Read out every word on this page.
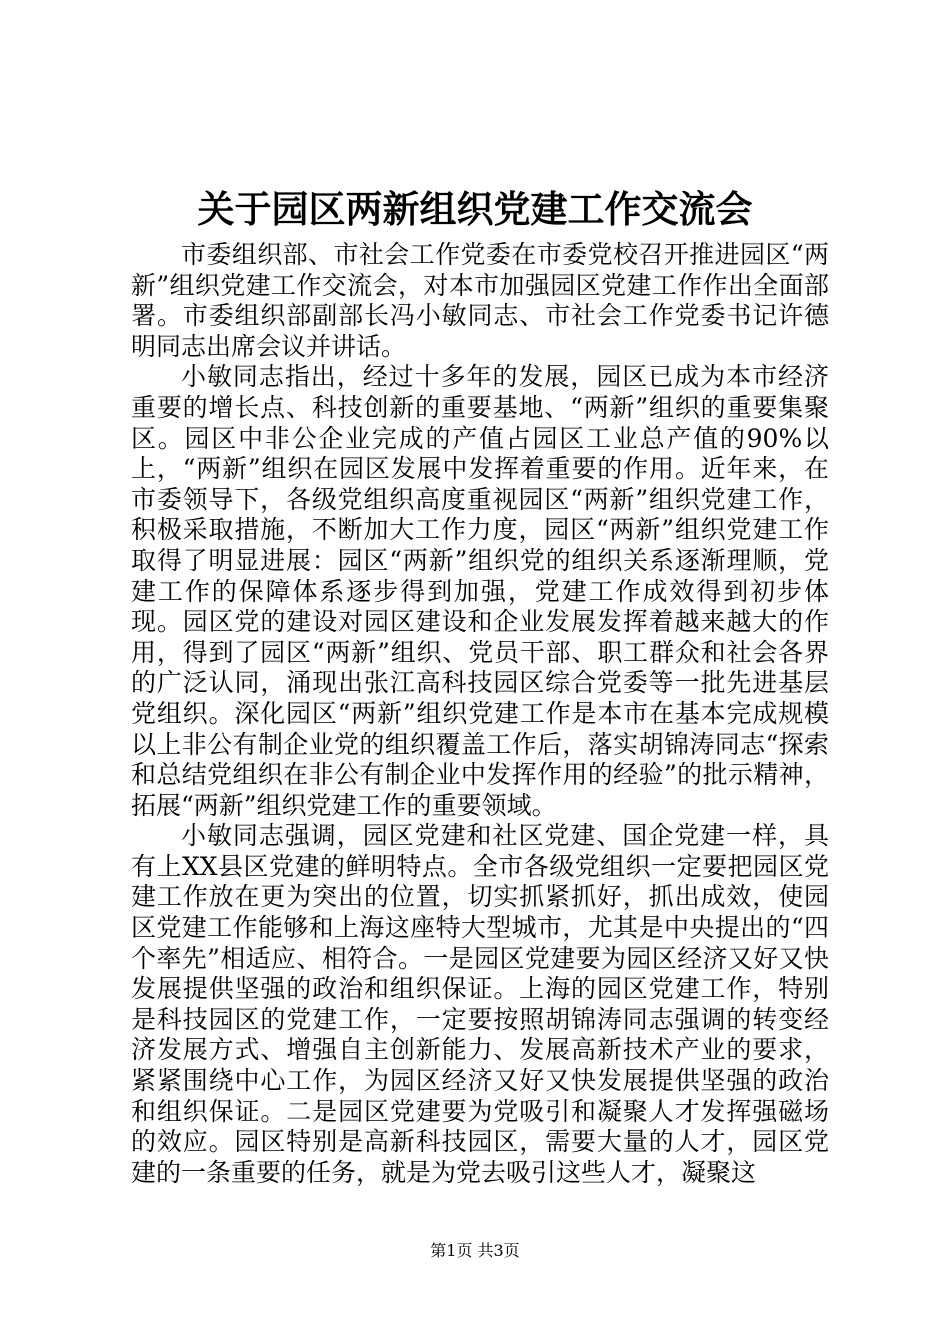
关于园区两新组织党建工作交流会

市委组织部、市社会工作党委在市委党校召开推进园区“两新”组织党建工作交流会，对本市加强园区党建工作作出全面部署。市委组织部副部长冯小敏同志、市社会工作党委书记许德明同志出席会议并讲话。

小敏同志指出，经过十多年的发展，园区已成为本市经济重要的增长点、科技创新的重要基地、“两新”组织的重要集聚区。园区中非公企业完成的产值占园区工业总产值的90%以上，“两新”组织在园区发展中发挥着重要的作用。近年来，在市委领导下，各级党组织高度重视园区“两新”组织党建工作，积极采取措施，不断加大工作力度，园区“两新”组织党建工作取得了明显进展：园区“两新”组织党的组织关系逐渐理顺，党建工作的保障体系逐步得到加强，党建工作成效得到初步体现。园区党的建设对园区建设和企业发展发挥着越来越大的作用，得到了园区“两新”组织、党员干部、职工群众和社会各界的广泛认同，涌现出张江高科技园区综合党委等一批先进基层党组织。深化园区“两新”组织党建工作是本市在基本完成规模以上非公有制企业党的组织覆盖工作后，落实胡锦涛同志“探索和总结党组织在非公有制企业中发挥作用的经验”的批示精神，拓展“两新”组织党建工作的重要领域。

小敏同志强调，园区党建和社区党建、国企党建一样，具有上XX县区党建的鲜明特点。全市各级党组织一定要把园区党建工作放在更为突出的位置，切实抓紧抓好，抓出成效，使园区党建工作能够和上海这座特大型城市，尤其是中央提出的“四个率先”相适应、相符合。一是园区党建要为园区经济又好又快发展提供坚强的政治和组织保证。上海的园区党建工作，特别是科技园区的党建工作，一定要按照胡锦涛同志强调的转变经济发展方式、增强自主创新能力、发展高新技术产业的要求，紧紧围绕中心工作，为园区经济又好又快发展提供坚强的政治和组织保证。二是园区党建要为党吸引和凝聚人才发挥强磁场的效应。园区特别是高新科技园区，需要大量的人才，园区党建的一条重要的任务，就是为党去吸引这些人才，凝聚这

第1页 共3页
